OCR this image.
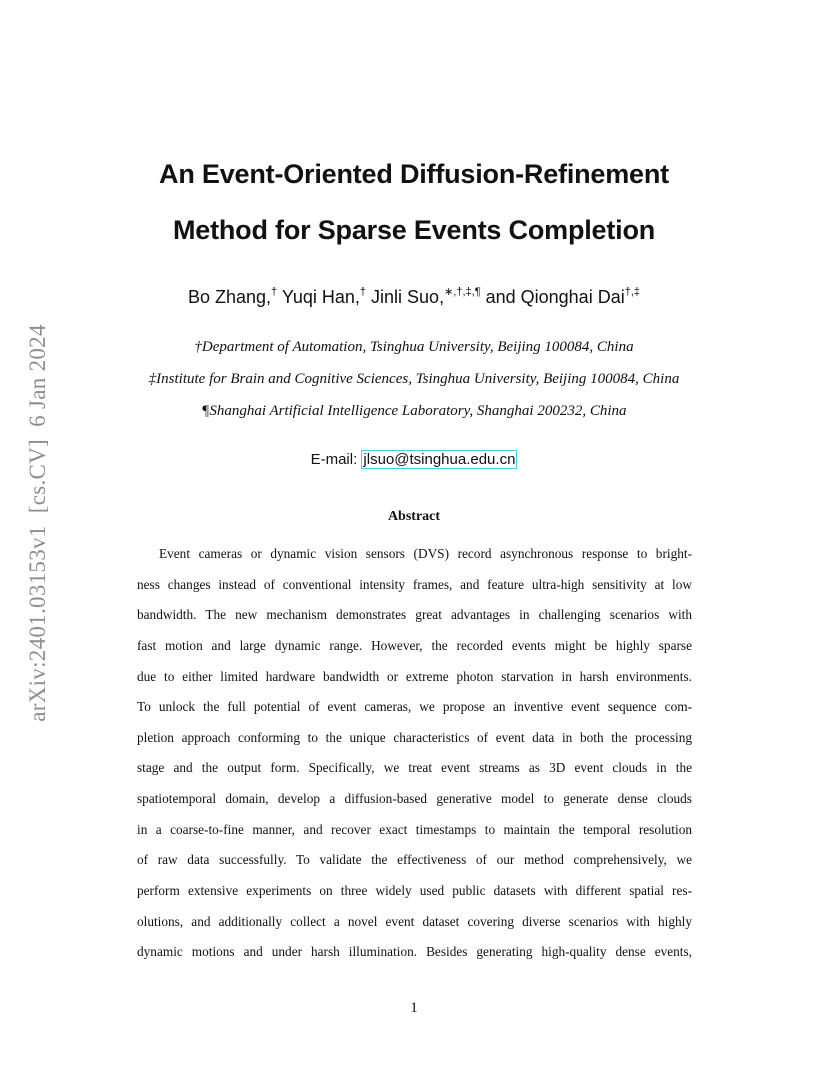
arXiv:2401.03153v1  [cs.CV]  6 Jan 2024
An Event-Oriented Diffusion-Refinement
Method for Sparse Events Completion
Bo Zhang,† Yuqi Han,† Jinli Suo,∗,†,‡,¶ and Qionghai Dai†,‡
†Department of Automation, Tsinghua University, Beijing 100084, China
‡Institute for Brain and Cognitive Sciences, Tsinghua University, Beijing 100084, China
¶Shanghai Artificial Intelligence Laboratory, Shanghai 200232, China
E-mail: jlsuo@tsinghua.edu.cn
Abstract
Event cameras or dynamic vision sensors (DVS) record asynchronous response to bright-
ness changes instead of conventional intensity frames, and feature ultra-high sensitivity at low
bandwidth. The new mechanism demonstrates great advantages in challenging scenarios with
fast motion and large dynamic range. However, the recorded events might be highly sparse
due to either limited hardware bandwidth or extreme photon starvation in harsh environments.
To unlock the full potential of event cameras, we propose an inventive event sequence com-
pletion approach conforming to the unique characteristics of event data in both the processing
stage and the output form. Specifically, we treat event streams as 3D event clouds in the
spatiotemporal domain, develop a diffusion-based generative model to generate dense clouds
in a coarse-to-fine manner, and recover exact timestamps to maintain the temporal resolution
of raw data successfully. To validate the effectiveness of our method comprehensively, we
perform extensive experiments on three widely used public datasets with different spatial res-
olutions, and additionally collect a novel event dataset covering diverse scenarios with highly
dynamic motions and under harsh illumination. Besides generating high-quality dense events,
1
